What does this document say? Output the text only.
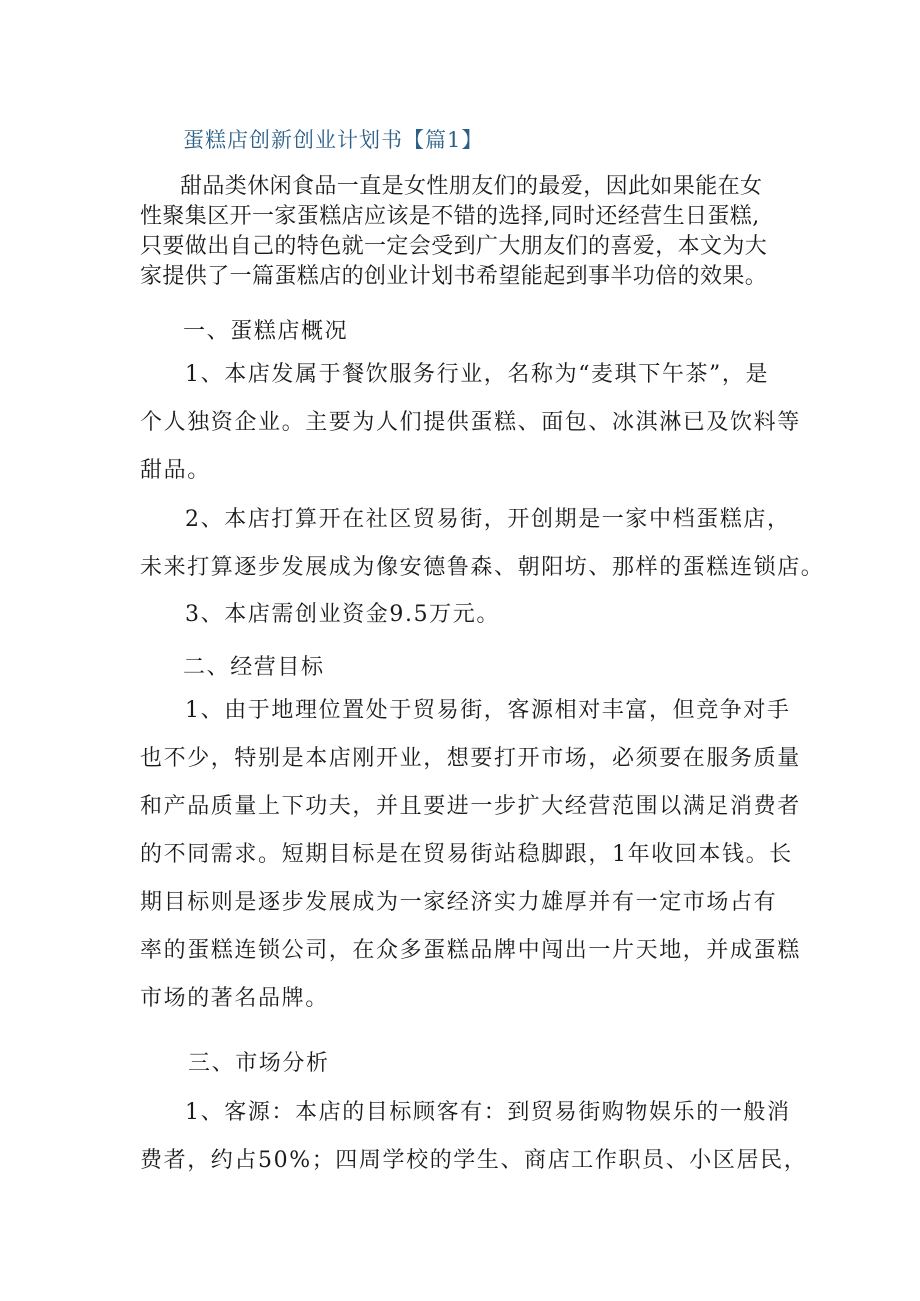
蛋糕店创新创业计划书【篇1】
甜品类休闲食品一直是女性朋友们的最爱，因此如果能在女
性聚集区开一家蛋糕店应该是不错的选择,同时还经营生日蛋糕,
只要做出自己的特色就一定会受到广大朋友们的喜爱，本文为大
家提供了一篇蛋糕店的创业计划书希望能起到事半功倍的效果。
一、蛋糕店概况
1、本店发属于餐饮服务行业，名称为“麦琪下午茶”，是
个人独资企业。主要为人们提供蛋糕、面包、冰淇淋已及饮料等
甜品。
2、本店打算开在社区贸易街，开创期是一家中档蛋糕店，
未来打算逐步发展成为像安德鲁森、朝阳坊、那样的蛋糕连锁店。
3、本店需创业资金9.5万元。
二、经营目标
1、由于地理位置处于贸易街，客源相对丰富，但竞争对手
也不少，特别是本店刚开业，想要打开市场，必须要在服务质量
和产品质量上下功夫，并且要进一步扩大经营范围以满足消费者
的不同需求。短期目标是在贸易街站稳脚跟，1年收回本钱。长
期目标则是逐步发展成为一家经济实力雄厚并有一定市场占有
率的蛋糕连锁公司，在众多蛋糕品牌中闯出一片天地，并成蛋糕
市场的著名品牌。
三、市场分析
1、客源：本店的目标顾客有：到贸易街购物娱乐的一般消
费者，约占50%；四周学校的学生、商店工作职员、小区居民，
